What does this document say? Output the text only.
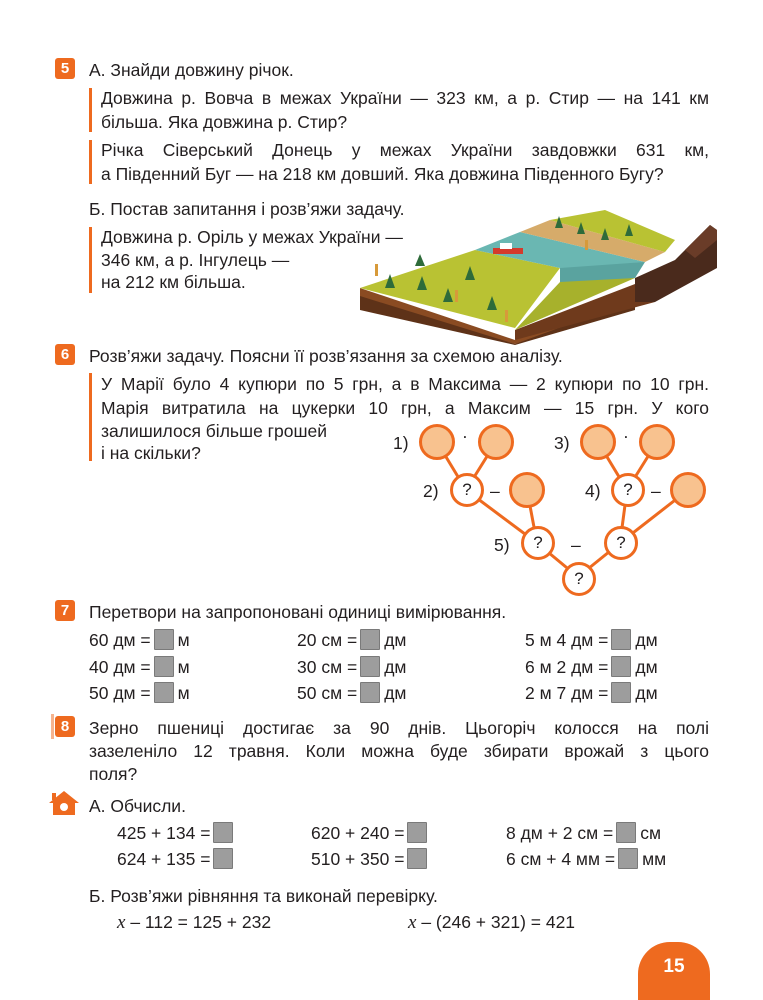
5	А. Знайди довжину річок.
Довжина р. Вовча в межах України — 323 км, а р. Стир — на 141 км
більша. Яка довжина р. Стир?
Річка Сіверський Донець у межах України завдовжки 631 км,
а Південний Буг — на 218 км довший. Яка довжина Південного Бугу?
Б. Постав запитання і розв’яжи задачу.
Довжина р. Оріль у межах України —
346 км, а р. Інгулець —
на 212 км більша.
6	Розв’яжи задачу. Поясни її розв’язання за схемою аналізу.
У Марії було 4 купюри по 5 грн, а в Максима — 2 купюри по 10 грн.
Марія витратила на цукерки 10 грн, а Максим — 15 грн. У кого
залишилося більше грошей
і на скільки?	1)	·	3)	·
2)	?	–	4)	?	–
5)	?	–	?
?
7	Перетвори на запропоновані одиниці вимірювання.
60 дм = м	20 см = дм	5 м 4 дм = дм
40 дм = м	30 см = дм	6 м 2 дм = дм
50 дм = м	50 см = дм	2 м 7 дм = дм
8	Зерно пшениці достигає за 90 днів. Цьогоріч колосся на полі
зазеленіло 12 травня. Коли можна буде збирати врожай з цього
поля?
А. Обчисли.
425 + 134 =	620 + 240 =	8 дм + 2 см = см
624 + 135 =	510 + 350 =	6 см + 4 мм = мм
Б. Розв’яжи рівняння та виконай перевірку.
x – 112 = 125 + 232	x – (246 + 321) = 421
15
